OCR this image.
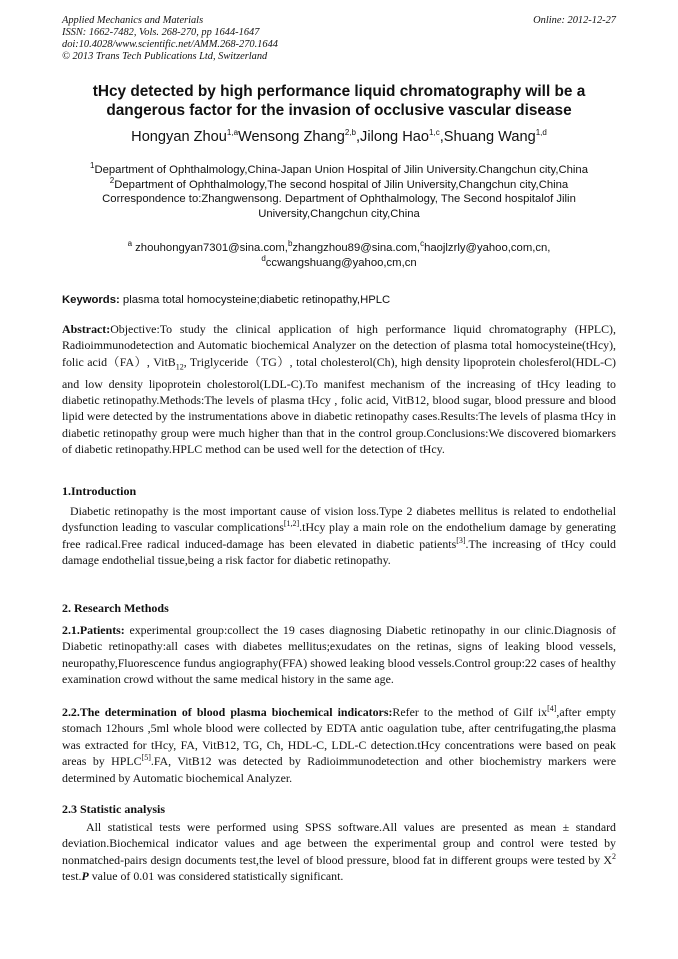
Applied Mechanics and Materials
ISSN: 1662-7482, Vols. 268-270, pp 1644-1647
doi:10.4028/www.scientific.net/AMM.268-270.1644
© 2013 Trans Tech Publications Ltd, Switzerland
Online: 2012-12-27
tHcy detected by high performance liquid chromatography will be a
dangerous factor for the invasion of occlusive vascular disease
Hongyan Zhou$^{1,a}$Wensong Zhang$^{2,b}$,Jilong Hao$^{1,c}$,Shuang Wang$^{1,d}$
$^1$Department of Ophthalmology,China-Japan Union Hospital of Jilin University.Changchun city,China
$^2$Department of Ophthalmology,The second hospital of Jilin University,Changchun city,China
Correspondence to:Zhangwensong. Department of Ophthalmology, The Second hospitalof Jilin University,Changchun city,China
$^a$ zhouhongyan7301@sina.com,$^b$zhangzhou89@sina.com,$^c$haojlzrly@yahoo,com,cn,
$^d$ccwangshuang@yahoo,cm,cn
Keywords: plasma total homocysteine;diabetic retinopathy,HPLC
Abstract:Objective:To study the clinical application of high performance liquid chromatography (HPLC), Radioimmunodetection and Automatic biochemical Analyzer on the detection of plasma total homocysteine(tHcy), folic acid（FA）, VitB$_{12}$, Triglyceride（TG）, total cholesterol(Ch), high density lipoprotein cholesferol(HDL-C) and low density lipoprotein cholestorol(LDL-C).To manifest mechanism of the increasing of tHcy leading to diabetic retinopathy.Methods:The levels of plasma tHcy , folic acid, VitB12, blood sugar, blood pressure and blood lipid were detected by the instrumentations above in diabetic retinopathy cases.Results:The levels of plasma tHcy in diabetic retinopathy group were much higher than that in the control group.Conclusions:We discovered biomarkers of diabetic retinopathy.HPLC method can be used well for the detection of tHcy.
1.Introduction
Diabetic retinopathy is the most important cause of vision loss.Type 2 diabetes mellitus is related to endothelial dysfunction leading to vascular complications[1,2].tHcy play a main role on the endothelium damage by generating free radical.Free radical induced-damage has been elevated in diabetic patients[3].The increasing of tHcy could damage endothelial tissue,being a risk factor for diabetic retinopathy.
2. Research Methods
2.1.Patients: experimental group:collect the 19 cases diagnosing Diabetic retinopathy in our clinic.Diagnosis of Diabetic retinopathy:all cases with diabetes mellitus;exudates on the retinas, signs of leaking blood vessels, neuropathy,Fluorescence fundus angiography(FFA) showed leaking blood vessels.Control group:22 cases of healthy examination crowd without the same medical history in the same age.
2.2.The determination of blood plasma biochemical indicators:Refer to the method of Gilf ix[4],after empty stomach 12hours ,5ml whole blood were collected by EDTA antic oagulation tube, after centrifugating,the plasma was extracted for tHcy, FA, VitB12, TG, Ch, HDL-C, LDL-C detection.tHcy concentrations were based on peak areas by HPLC[5].FA, VitB12 was detected by Radioimmunodetection and other biochemistry markers were determined by Automatic biochemical Analyzer.
2.3 Statistic analysis
All statistical tests were performed using SPSS software.All values are presented as mean ± standard deviation.Biochemical indicator values and age between the experimental group and control were tested by nonmatched-pairs design documents test,the level of blood pressure, blood fat in different groups were tested by $X^2$ test.P value of 0.01 was considered statistically significant.
